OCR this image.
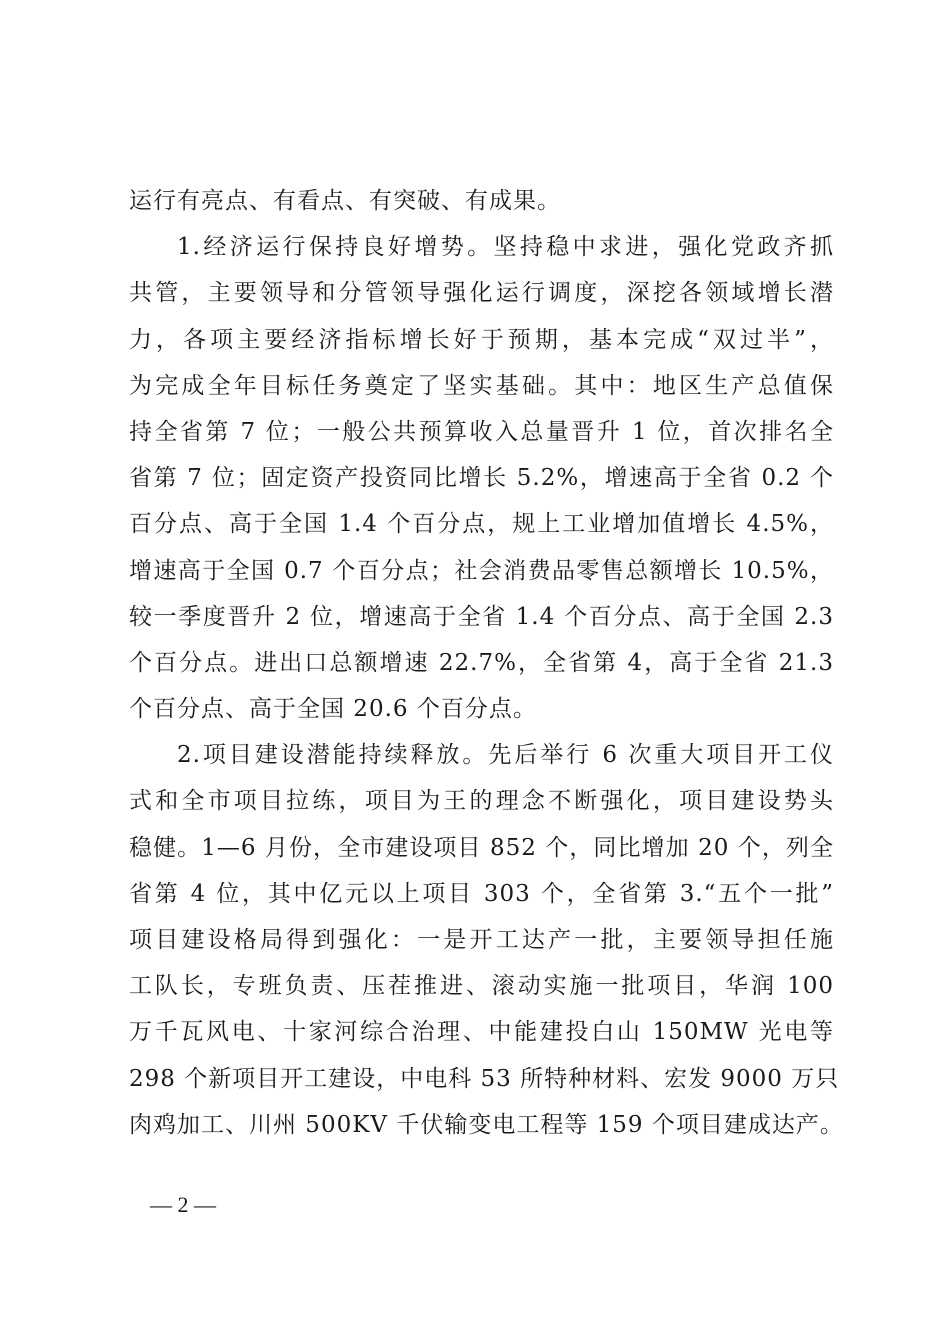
运行有亮点、有看点、有突破、有成果。
1.经济运行保持良好增势。坚持稳中求进，强化党政齐抓
共管，主要领导和分管领导强化运行调度，深挖各领域增长潜
力，各项主要经济指标增长好于预期，基本完成“双过半”，
为完成全年目标任务奠定了坚实基础。其中：地区生产总值保
持全省第 7 位；一般公共预算收入总量晋升 1 位，首次排名全
省第 7 位；固定资产投资同比增长 5.2%，增速高于全省 0.2 个
百分点、高于全国 1.4 个百分点，规上工业增加值增长 4.5%，
增速高于全国 0.7 个百分点；社会消费品零售总额增长 10.5%，
较一季度晋升 2 位，增速高于全省 1.4 个百分点、高于全国 2.3
个百分点。进出口总额增速 22.7%，全省第 4，高于全省 21.3
个百分点、高于全国 20.6 个百分点。
2.项目建设潜能持续释放。先后举行 6 次重大项目开工仪
式和全市项目拉练，项目为王的理念不断强化，项目建设势头
稳健。1—6 月份，全市建设项目 852 个，同比增加 20 个，列全
省第 4 位，其中亿元以上项目 303 个，全省第 3.“五个一批”
项目建设格局得到强化：一是开工达产一批，主要领导担任施
工队长，专班负责、压茬推进、滚动实施一批项目，华润 100
万千瓦风电、十家河综合治理、中能建投白山 150MW 光电等
298 个新项目开工建设，中电科 53 所特种材料、宏发 9000 万只
肉鸡加工、川州 500KV 千伏输变电工程等 159 个项目建成达产。
— 2 —
